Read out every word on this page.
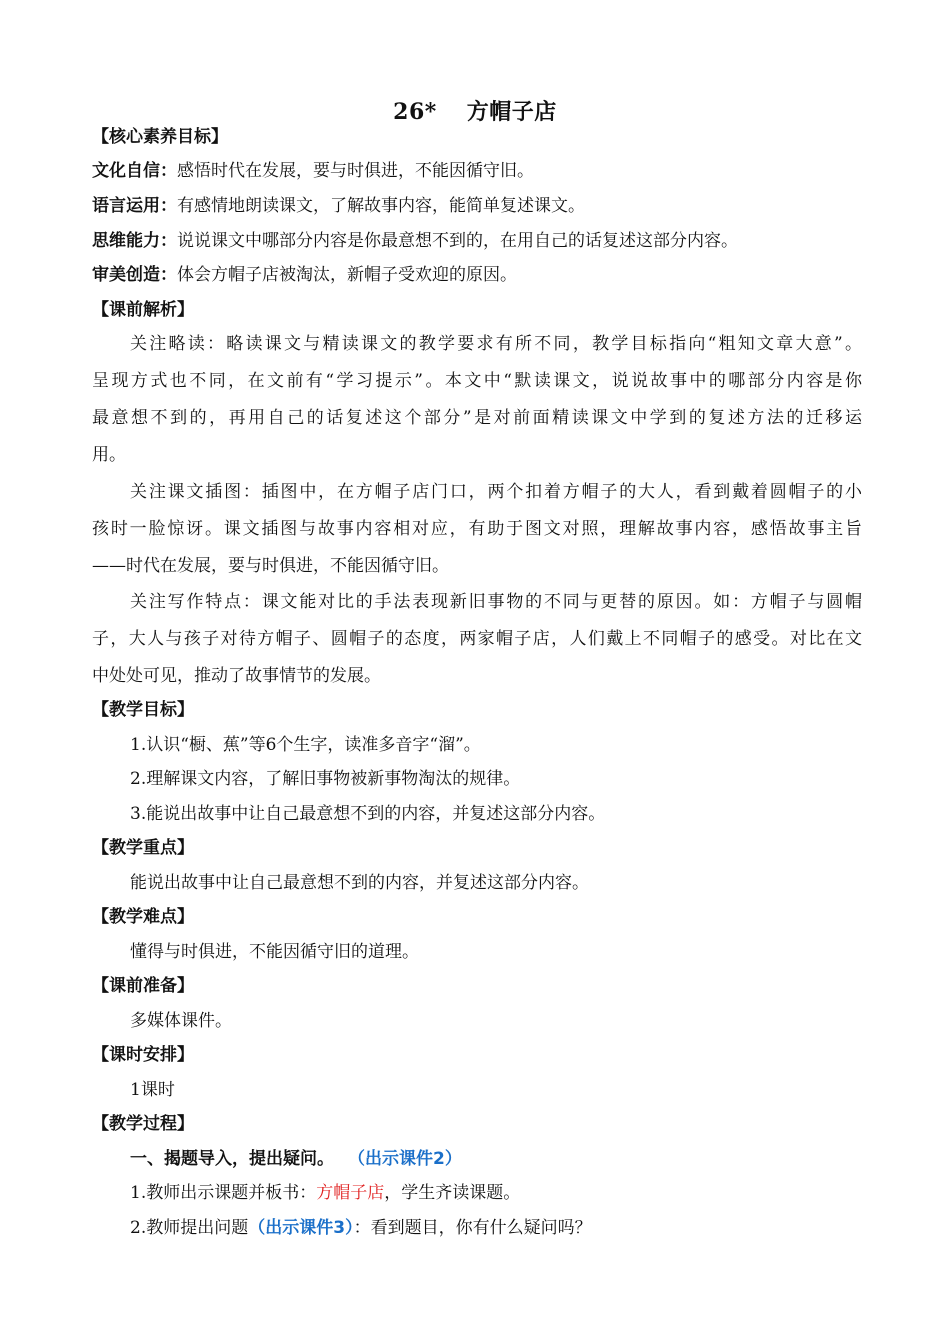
26* 方帽子店
【核心素养目标】
文化自信：感悟时代在发展，要与时俱进，不能因循守旧。
语言运用：有感情地朗读课文，了解故事内容，能简单复述课文。
思维能力：说说课文中哪部分内容是你最意想不到的，在用自己的话复述这部分内容。
审美创造：体会方帽子店被淘汰，新帽子受欢迎的原因。
【课前解析】
关注略读：略读课文与精读课文的教学要求有所不同，教学目标指向“粗知文章大意”。
呈现方式也不同，在文前有“学习提示”。本文中“默读课文，说说故事中的哪部分内容是你
最意想不到的，再用自己的话复述这个部分”是对前面精读课文中学到的复述方法的迁移运
用。
关注课文插图：插图中，在方帽子店门口，两个扣着方帽子的大人，看到戴着圆帽子的小
孩时一脸惊讶。课文插图与故事内容相对应，有助于图文对照，理解故事内容，感悟故事主旨
——时代在发展，要与时俱进，不能因循守旧。
关注写作特点：课文能对比的手法表现新旧事物的不同与更替的原因。如：方帽子与圆帽
子，大人与孩子对待方帽子、圆帽子的态度，两家帽子店，人们戴上不同帽子的感受。对比在文
中处处可见，推动了故事情节的发展。
【教学目标】
1.认识“橱、蕉”等6个生字，读准多音字“溜”。
2.理解课文内容，了解旧事物被新事物淘汰的规律。
3.能说出故事中让自己最意想不到的内容，并复述这部分内容。
【教学重点】
能说出故事中让自己最意想不到的内容，并复述这部分内容。
【教学难点】
懂得与时俱进，不能因循守旧的道理。
【课前准备】
多媒体课件。
【课时安排】
1课时
【教学过程】
一、揭题导入，提出疑问。 （出示课件2）
1.教师出示课题并板书：方帽子店，学生齐读课题。
2.教师提出问题（出示课件3）：看到题目，你有什么疑问吗？
